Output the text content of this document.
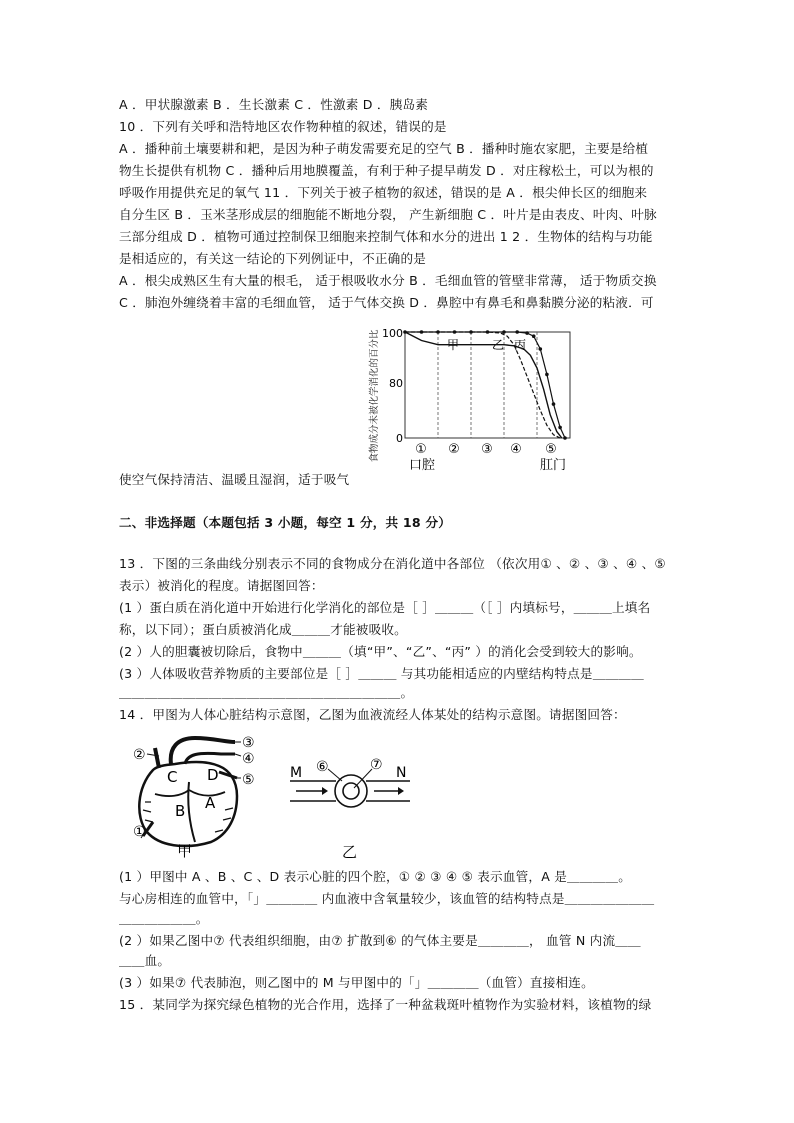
A ．甲状腺激素 B ．生长激素 C ．性激素 D ．胰岛素
10 ．下列有关呼和浩特地区农作物种植的叙述，错误的是
A ．播种前土壤要耕和耙，是因为种子萌发需要充足的空气 B ．播种时施农家肥，主要是给植
物生长提供有机物 C ．播种后用地膜覆盖，有利于种子提早萌发 D ．对庄稼松土，可以为根的
呼吸作用提供充足的氧气 11 ．下列关于被子植物的叙述，错误的是 A ．根尖伸长区的细胞来
自分生区 B ．玉米茎形成层的细胞能不断地分裂， 产生新细胞 C ．叶片是由表皮、叶肉、叶脉
三部分组成 D ．植物可通过控制保卫细胞来控制气体和水分的进出 1 2 ．生物体的结构与功能
是相适应的，有关这一结论的下列例证中，不正确的是
A ．根尖成熟区生有大量的根毛， 适于根吸收水分 B ．毛细血管的管壁非常薄， 适于物质交换
C ．肺泡外缠绕着丰富的毛细血管， 适于气体交换 D ．鼻腔中有鼻毛和鼻黏膜分泌的粘液．可
食物成分未被化学消化的百分比 100
80
0
① ② ③ ④ ⑤
口腔	肛门
甲	乙 丙
使空气保持清洁、温暖且湿润，适于吸气
二、非选择题（本题包括 3 小题，每空 1 分，共 18 分）
13 ．下图的三条曲线分别表示不同的食物成分在消化道中各部位 （依次用① 、② 、③ 、④ 、⑤
表示）被消化的程度。请据图回答：
(1 ）蛋白质在消化道中开始进行化学消化的部位是［ ］＿＿＿（［ ］内填标号，＿＿＿上填名
称，以下同）；蛋白质被消化成＿＿＿才能被吸收。
(2 ）人的胆囊被切除后，食物中＿＿＿（填“甲”、“乙”、“丙” ）的消化会受到较大的影响。
(3 ）人体吸收营养物质的主要部位是［ ］＿＿＿ 与其功能相适应的内壁结构特点是＿＿＿＿
＿＿＿＿＿＿＿＿＿＿＿＿＿＿＿＿＿＿＿＿＿＿。
14 ．甲图为人体心脏结构示意图，乙图为血液流经人体某处的结构示意图。请据图回答：
②
③
④
⑤
①
C D
B A
甲
M	N
⑥	⑦
乙
(1 ）甲图中 A 、B 、C 、D 表示心脏的四个腔，① ② ③ ④ ⑤ 表示血管，A 是＿＿＿＿。
与心房相连的血管中，「」＿＿＿＿ 内血液中含氧量较少，该血管的结构特点是＿＿＿＿＿＿＿
＿＿＿＿＿＿。
(2 ）如果乙图中⑦ 代表组织细胞，由⑦ 扩散到⑥ 的气体主要是＿＿＿＿， 血管 N 内流＿＿
＿＿血。
(3 ）如果⑦ 代表肺泡，则乙图中的 M 与甲图中的「」＿＿＿＿（血管）直接相连。
15 ．某同学为探究绿色植物的光合作用，选择了一种盆栽斑叶植物作为实验材料，该植物的绿
